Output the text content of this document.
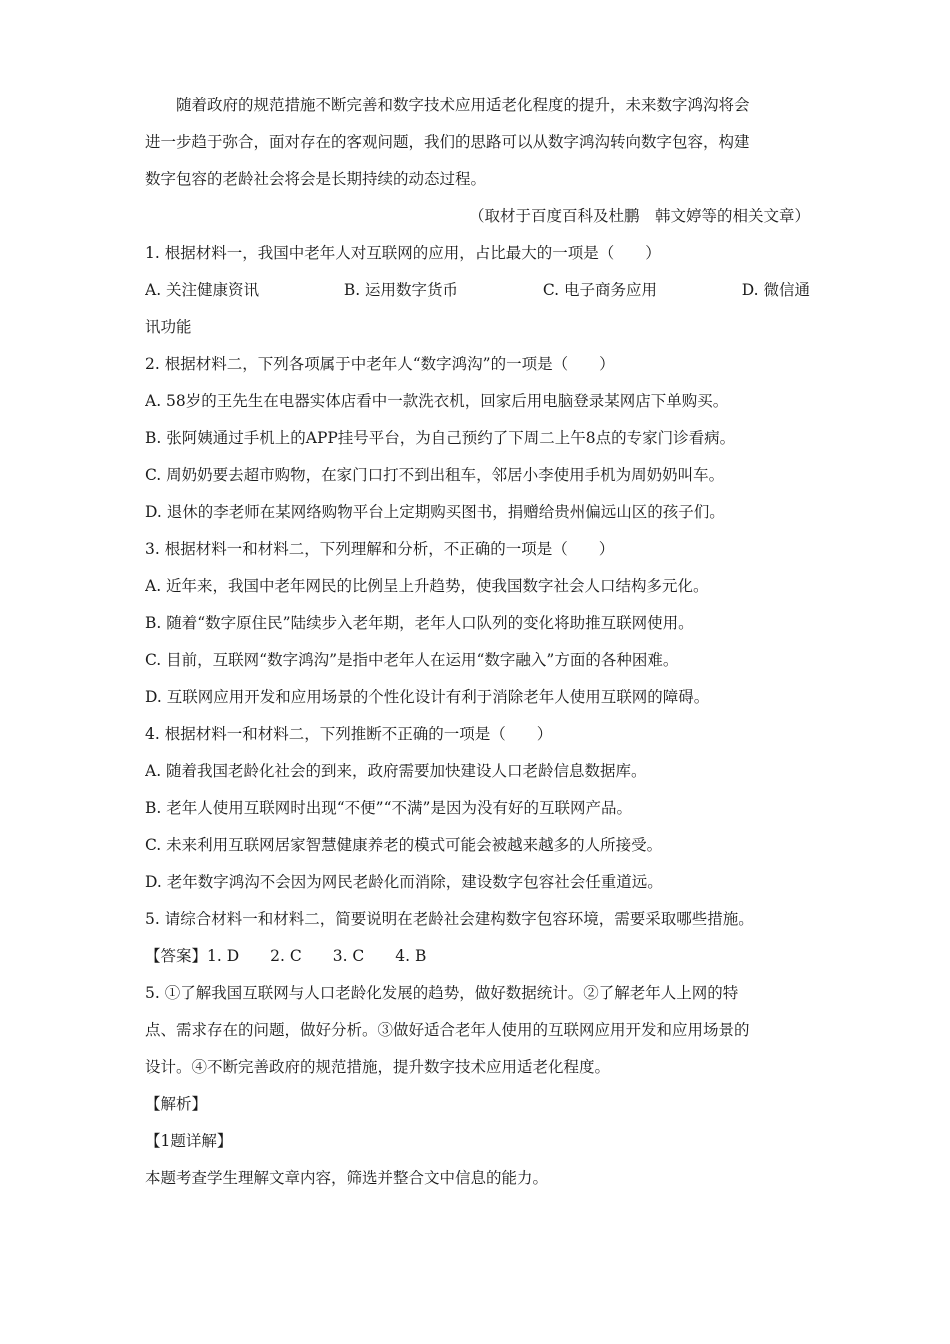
随着政府的规范措施不断完善和数字技术应用适老化程度的提升，未来数字鸿沟将会
进一步趋于弥合，面对存在的客观问题，我们的思路可以从数字鸿沟转向数字包容，构建
数字包容的老龄社会将会是长期持续的动态过程。
（取材于百度百科及杜鹏　韩文婷等的相关文章）
1. 根据材料一，我国中老年人对互联网的应用，占比最大的一项是（　　）
A. 关注健康资讯	B. 运用数字货币	C. 电子商务应用	D. 微信通
讯功能
2. 根据材料二，下列各项属于中老年人“数字鸿沟”的一项是（　　）
A. 58岁的王先生在电器实体店看中一款洗衣机，回家后用电脑登录某网店下单购买。
B. 张阿姨通过手机上的APP挂号平台，为自己预约了下周二上午8点的专家门诊看病。
C. 周奶奶要去超市购物，在家门口打不到出租车，邻居小李使用手机为周奶奶叫车。
D. 退休的李老师在某网络购物平台上定期购买图书，捐赠给贵州偏远山区的孩子们。
3. 根据材料一和材料二，下列理解和分析，不正确的一项是（　　）
A. 近年来，我国中老年网民的比例呈上升趋势，使我国数字社会人口结构多元化。
B. 随着“数字原住民”陆续步入老年期，老年人口队列的变化将助推互联网使用。
C. 目前，互联网“数字鸿沟”是指中老年人在运用“数字融入”方面的各种困难。
D. 互联网应用开发和应用场景的个性化设计有利于消除老年人使用互联网的障碍。
4. 根据材料一和材料二，下列推断不正确的一项是（　　）
A. 随着我国老龄化社会的到来，政府需要加快建设人口老龄信息数据库。
B. 老年人使用互联网时出现“不便”“不满”是因为没有好的互联网产品。
C. 未来利用互联网居家智慧健康养老的模式可能会被越来越多的人所接受。
D. 老年数字鸿沟不会因为网民老龄化而消除，建设数字包容社会任重道远。
5. 请综合材料一和材料二，简要说明在老龄社会建构数字包容环境，需要采取哪些措施。
【答案】1. D　　2. C　　3. C　　4. B
5. ①了解我国互联网与人口老龄化发展的趋势，做好数据统计。②了解老年人上网的特
点、需求存在的问题，做好分析。③做好适合老年人使用的互联网应用开发和应用场景的
设计。④不断完善政府的规范措施，提升数字技术应用适老化程度。
【解析】
【1题详解】
本题考查学生理解文章内容，筛选并整合文中信息的能力。
